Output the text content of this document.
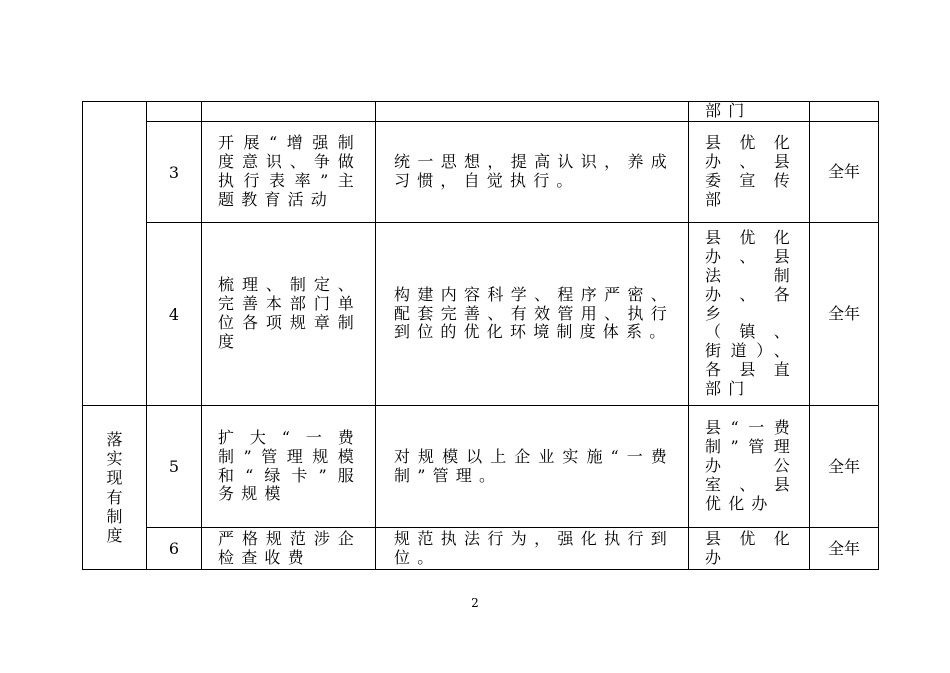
				部门	
	3	开展“增强制度意识、争做执行表率”主题教育活动	统一思想，提高认识，养成习惯，自觉执行。	县优化办、县委宣传部	全年
	4	梳理、制定、完善本部门单位各项规章制度	构建内容科学、程序严密、配套完善、有效管用、执行到位的优化环境制度体系。	县优化办、县法制办、各乡（镇、街道）、各县直部门	全年

落实现有制度	5	扩大“一费制”管理规模和“绿卡”服务规模	对规模以上企业实施“一费制”管理。	县“一费制”管理办公室、县优化办	全年
	6	严格规范涉企检查收费	规范执法行为，强化执行到位。	县优化办	全年
2
